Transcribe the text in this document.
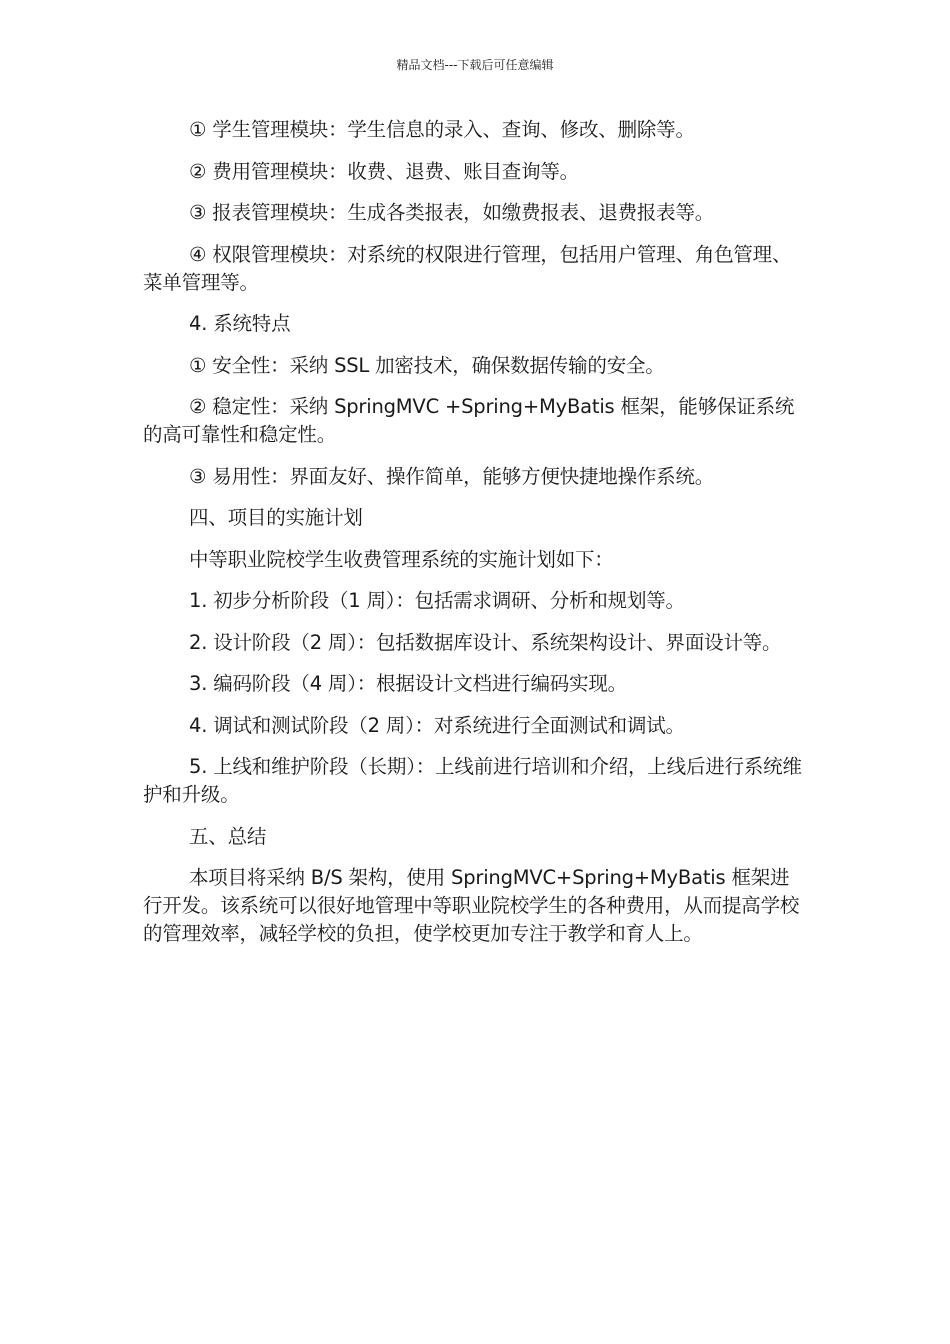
精品文档---下载后可任意编辑

① 学生管理模块：学生信息的录入、查询、修改、删除等。

② 费用管理模块：收费、退费、账目查询等。

③ 报表管理模块：生成各类报表，如缴费报表、退费报表等。

④ 权限管理模块：对系统的权限进行管理，包括用户管理、角色管理、菜单管理等。

4. 系统特点

① 安全性：采纳 SSL 加密技术，确保数据传输的安全。

② 稳定性：采纳 SpringMVC +Spring+MyBatis 框架，能够保证系统的高可靠性和稳定性。

③ 易用性：界面友好、操作简单，能够方便快捷地操作系统。

四、项目的实施计划

中等职业院校学生收费管理系统的实施计划如下：

1. 初步分析阶段（1 周）：包括需求调研、分析和规划等。

2. 设计阶段（2 周）：包括数据库设计、系统架构设计、界面设计等。

3. 编码阶段（4 周）：根据设计文档进行编码实现。

4. 调试和测试阶段（2 周）：对系统进行全面测试和调试。

5. 上线和维护阶段（长期）：上线前进行培训和介绍，上线后进行系统维护和升级。

五、总结

本项目将采纳 B/S 架构，使用 SpringMVC+Spring+MyBatis 框架进行开发。该系统可以很好地管理中等职业院校学生的各种费用，从而提高学校的管理效率，减轻学校的负担，使学校更加专注于教学和育人上。
